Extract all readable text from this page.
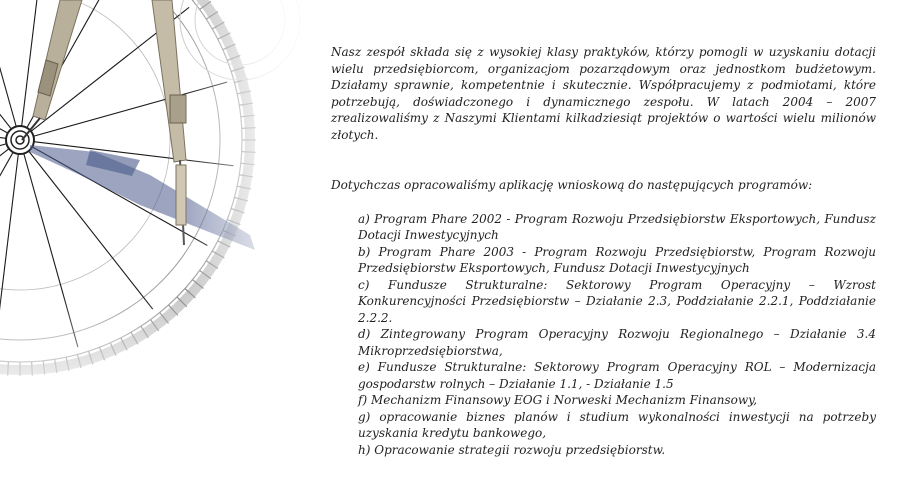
Nasz zespół składa się z wysokiej klasy praktyków, którzy pomogli w uzyskaniu dotacji wielu przedsiębiorcom, organizacjom pozarządowym oraz jednostkom budżetowym. Działamy sprawnie, kompetentnie i skutecznie. Współpracujemy z podmiotami, które potrzebują, doświadczonego i dynamicznego zespołu. W latach 2004 – 2007 zrealizowaliśmy z Naszymi Klientami kilkadziesiąt projektów o wartości wielu milionów złotych.

Dotychczas opracowaliśmy aplikację wnioskową do następujących programów:

a) Program Phare 2002 - Program Rozwoju Przedsiębiorstw Eksportowych, Fundusz Dotacji Inwestycyjnych
b) Program Phare 2003 - Program Rozwoju Przedsiębiorstw, Program Rozwoju Przedsiębiorstw Eksportowych, Fundusz Dotacji Inwestycyjnych
c) Fundusze Strukturalne: Sektorowy Program Operacyjny – Wzrost Konkurencyjności Przedsiębiorstw – Działanie 2.3, Poddziałanie 2.2.1, Poddziałanie 2.2.2.
d) Zintegrowany Program Operacyjny Rozwoju Regionalnego – Działanie 3.4 Mikroprzedsiębiorstwa,
e) Fundusze Strukturalne: Sektorowy Program Operacyjny ROL – Modernizacja gospodarstw rolnych – Działanie 1.1, - Działanie 1.5
f) Mechanizm Finansowy EOG i Norweski Mechanizm Finansowy,
g) opracowanie biznes planów i studium wykonalności inwestycji na potrzeby uzyskania kredytu bankowego,
h) Opracowanie strategii rozwoju przedsiębiorstw.
